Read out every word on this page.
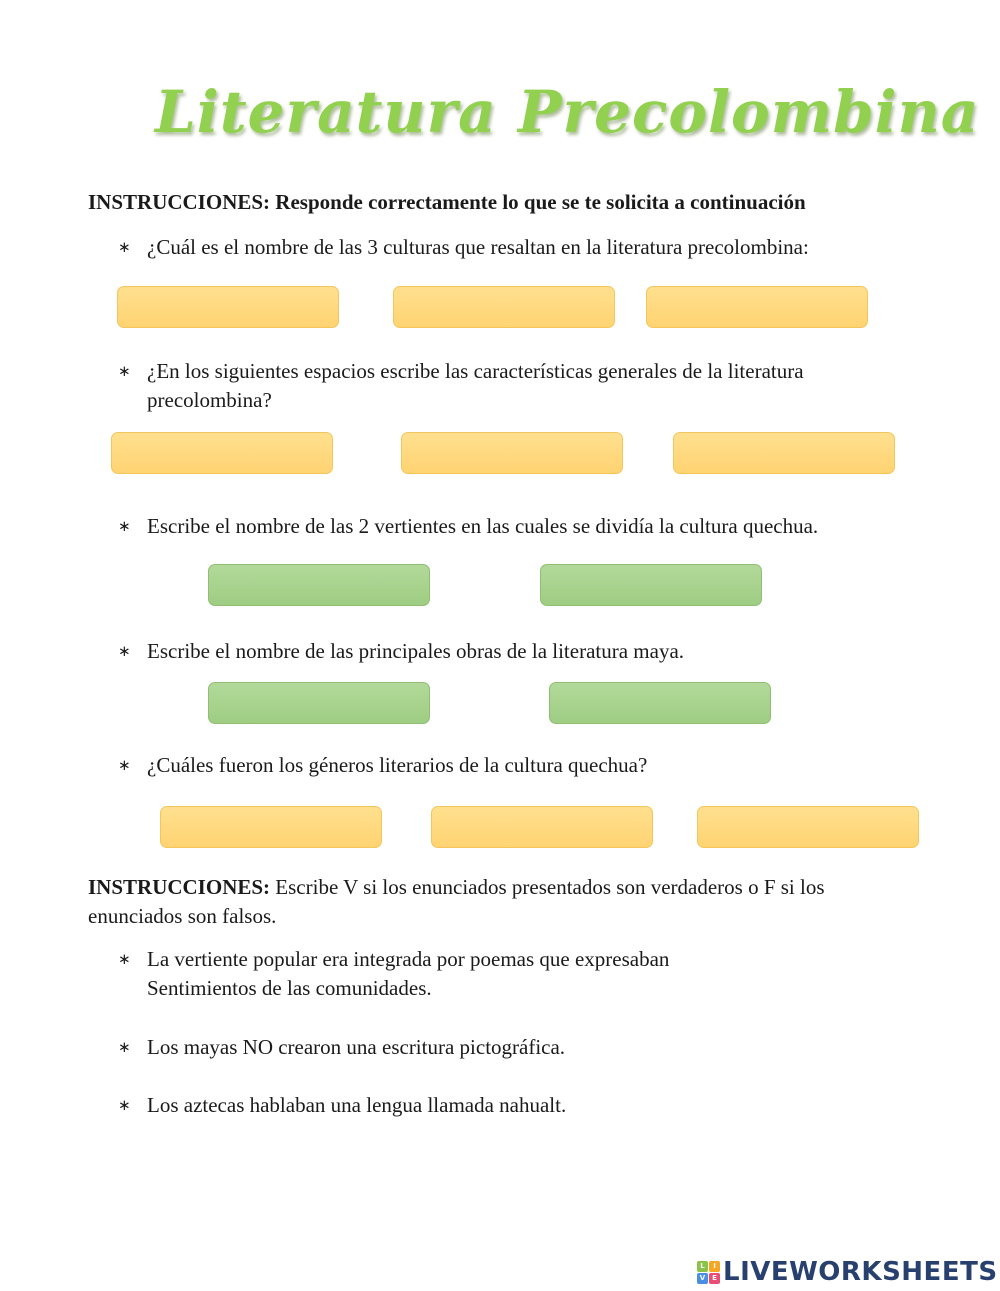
Literatura Precolombina
INSTRUCCIONES: Responde correctamente lo que se te solicita a continuación
∗ ¿Cuál es el nombre de las 3 culturas que resaltan en la literatura precolombina:
∗ ¿En los siguientes espacios escribe las características generales de la literatura precolombina?
∗ Escribe el nombre de las 2 vertientes en las cuales se dividía la cultura quechua.
∗ Escribe el nombre de las principales obras de la literatura maya.
∗ ¿Cuáles fueron los géneros literarios de la cultura quechua?
INSTRUCCIONES: Escribe V si los enunciados presentados son verdaderos o F si los enunciados son falsos.
∗ La vertiente popular era integrada por poemas que expresaban Sentimientos de las comunidades.
∗ Los mayas NO crearon una escritura pictográfica.
∗ Los aztecas hablaban una lengua llamada nahualt.
L	I
V E LIVEWORKSHEETS
